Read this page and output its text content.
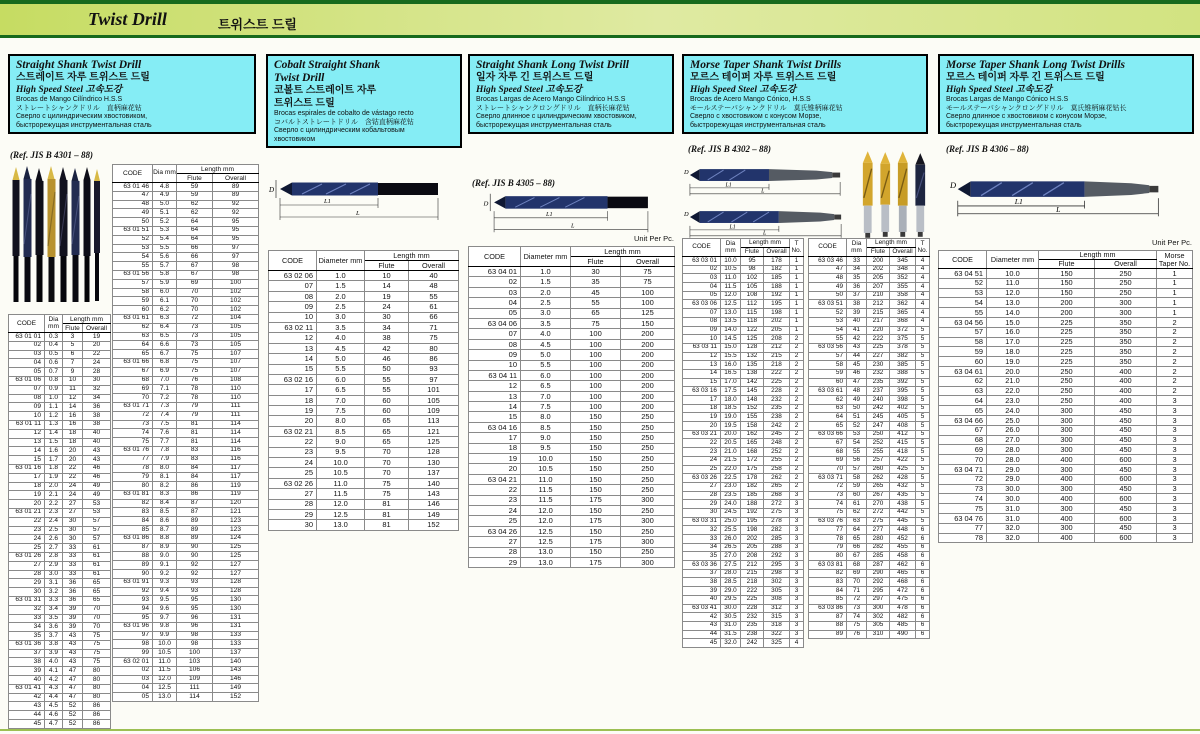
Twist Drill	트위스트 드릴
Straight Shank Twist Drill
스트레이트 자루 트위스트 드릴
High Speed Steel 고속도강
Brocas de Mango Cilíndrico H.S.S
ストレートシャンクドリル　直柄麻花钻
Сверло с цилиндрическим хвостовиком,
быстрорежущая инструментальная сталь
(Ref. JIS B 4301 – 88)
CODE	Dia mm	Length mm	
		Flute	Overall
63 01 01	0.3	3	19
02	0.4	5	20
03	0.5	6	22
04	0.6	7	24
05	0.7	9	28
63 01 06	0.8	10	30
07	0.9	11	32
08	1.0	12	34
09	1.1	14	36
10	1.2	16	38
63 01 11	1.3	16	38
12	1.4	18	40
13	1.5	18	40
14	1.6	20	43
15	1.7	20	43
63 01 16	1.8	22	46
17	1.9	22	46
18	2.0	24	49
19	2.1	24	49
20	2.2	27	53
63 01 21	2.3	27	53
22	2.4	30	57
23	2.5	30	57
24	2.6	30	57
25	2.7	33	61
63 01 26	2.8	33	61
27	2.9	33	61
28	3.0	33	61
29	3.1	36	65
30	3.2	36	65
63 01 31	3.3	36	65
32	3.4	39	70
33	3.5	39	70
34	3.6	39	70
35	3.7	43	75
63 01 36	3.8	43	75
37	3.9	43	75
38	4.0	43	75
39	4.1	47	80
40	4.2	47	80
63 01 41	4.3	47	80
42	4.4	47	80
43	4.5	52	86
44	4.6	52	86
45	4.7	52	86
CODE	Dia mm	Length mm	
		Flute	Overall
63 01 46	4.8	59	89
47	4.9	59	89
48	5.0	62	92
49	5.1	62	92
50	5.2	64	95
63 01 51	5.3	64	95
52	5.4	64	95
53	5.5	66	97
54	5.6	66	97
55	5.7	67	98
63 01 56	5.8	67	98
57	5.9	69	100
58	6.0	70	102
59	6.1	70	102
60	6.2	70	102
63 01 61	6.3	72	104
62	6.4	73	105
63	6.5	73	105
64	6.6	73	105
65	6.7	75	107
63 01 66	6.8	75	107
67	6.9	75	107
68	7.0	76	108
69	7.1	78	110
70	7.2	78	110
63 01 71	7.3	79	111
72	7.4	79	111
73	7.5	81	114
74	7.6	81	114
75	7.7	81	114
63 01 76	7.8	83	116
77	7.9	83	116
78	8.0	84	117
79	8.1	84	117
80	8.2	86	119
63 01 81	8.3	86	119
82	8.4	87	120
83	8.5	87	121
84	8.6	89	123
85	8.7	89	123
63 01 86	8.8	89	124
87	8.9	90	125
88	9.0	90	125
89	9.1	92	127
90	9.2	92	127
63 01 91	9.3	93	128
92	9.4	93	128
93	9.5	95	130
94	9.6	95	130
95	9.7	96	131
63 01 96	9.8	96	131
97	9.9	98	133
98	10.0	98	133
99	10.5	100	137
63 02 01	11.0	103	140
02	11.5	106	143
03	12.0	109	146
04	12.5	111	149
05	13.0	114	152
Cobalt Straight Shank
Twist Drill
코볼트 스트레이트 자루
트위스트 드릴
Brocas espirales de cobalto de vástago recto
コバルトストレートドリル　含钴直柄麻花钻
Сверло с цилиндрическим кобальтовым
хвостовиком
D
L1
L
CODE	Diameter mm	Length mm	
		Flute	Overall
63 02 06	1.0	10	40
07	1.5	14	48
08	2.0	19	55
09	2.5	24	61
10	3.0	30	66
63 02 11	3.5	34	71
12	4.0	38	75
13	4.5	42	80
14	5.0	46	86
15	5.5	50	93
63 02 16	6.0	55	97
17	6.5	55	101
18	7.0	60	105
19	7.5	60	109
20	8.0	65	113
63 02 21	8.5	65	121
22	9.0	65	125
23	9.5	70	128
24	10.0	70	130
25	10.5	70	137
63 02 26	11.0	75	140
27	11.5	75	143
28	12.0	81	146
29	12.5	81	149
30	13.0	81	152
Straight Shank Long Twist Drill
일자 자루 긴 트위스트 드릴
High Speed Steel 고속도강
Brocas Largas de Acero Mango Cilíndrico H.S.S
ストレートシャンクロングドリル　直柄长麻花钻
Сверло длинное с цилиндрическим хвостовиком,
быстрорежущая инструментальная сталь
(Ref. JIS B 4305 – 88)
D
L1
L
Unit Per Pc.
CODE	Diameter mm	Length mm	
		Flute	Overall
63 04 01	1.0	30	75
02	1.5	35	75
03	2.0	45	100
04	2.5	55	100
05	3.0	65	125
63 04 06	3.5	75	150
07	4.0	100	200
08	4.5	100	200
09	5.0	100	200
10	5.5	100	200
63 04 11	6.0	100	200
12	6.5	100	200
13	7.0	100	200
14	7.5	100	200
15	8.0	150	250
63 04 16	8.5	150	250
17	9.0	150	250
18	9.5	150	250
19	10.0	150	250
20	10.5	150	250
63 04 21	11.0	150	250
22	11.5	150	250
23	11.5	175	300
24	12.0	150	250
25	12.0	175	300
63 04 26	12.5	150	250
27	12.5	175	300
28	13.0	150	250
29	13.0	175	300
Morse Taper Shank Twist Drills
모르스 테이퍼 자루 트위스트 드릴
High Speed Steel 고속도강
Brocas de Acero Mango Cónico, H.S.S
モールステーパシャンクドリル　莫氏锥柄麻花钻
Сверло с хвостовиком с конусом Морзе,
быстрорежущая инструментальная сталь
(Ref. JIS B 4302 – 88)
D
L1
L
D
L1
L
CODE	Dia mm	Length mm		T No.
		Flute	Overall	
63 03 01	10.0	95	178	1
02	10.5	98	182	1
03	11.0	102	185	1
04	11.5	105	188	1
05	12.0	108	192	1
63 03 06	12.5	112	195	1
07	13.0	115	198	1
08	13.5	118	202	1
09	14.0	122	205	1
10	14.5	125	208	2
63 03 11	15.0	128	212	2
12	15.5	132	215	2
13	16.0	135	218	2
14	16.5	138	222	2
15	17.0	142	225	2
63 03 16	17.5	145	228	2
17	18.0	148	232	2
18	18.5	152	235	2
19	19.0	155	238	2
20	19.5	158	242	2
63 03 21	20.0	162	245	2
22	20.5	165	248	2
23	21.0	168	252	2
24	21.5	172	255	2
25	22.0	175	258	2
63 03 26	22.5	178	262	2
27	23.0	182	265	2
28	23.5	185	268	3
29	24.0	188	272	3
30	24.5	192	275	3
63 03 31	25.0	195	278	3
32	25.5	198	282	3
33	26.0	202	285	3
34	26.5	205	288	3
35	27.0	208	292	3
63 03 36	27.5	212	295	3
37	28.0	215	298	3
38	28.5	218	302	3
39	29.0	222	305	3
40	29.5	225	308	3
63 03 41	30.0	228	312	3
42	30.5	232	315	3
43	31.0	235	318	3
44	31.5	238	322	3
45	32.0	242	325	4
CODE	Dia mm	Length mm		T No.
		Flute	Overall	
63 03 46	33	200	345	4
47	34	202	348	4
48	35	205	352	4
49	36	207	355	4
50	37	210	358	4
63 03 51	38	212	362	4
52	39	215	365	4
53	40	217	368	4
54	41	220	372	5
55	42	222	375	5
63 03 56	43	225	378	5
57	44	227	382	5
58	45	230	385	5
59	46	232	388	5
60	47	235	392	5
63 03 61	48	237	395	5
62	49	240	398	5
63	50	242	402	5
64	51	245	405	5
65	52	247	408	5
63 03 66	53	250	412	5
67	54	252	415	5
68	55	255	418	5
69	56	257	422	5
70	57	260	425	5
63 03 71	58	262	428	5
72	59	265	432	5
73	60	267	435	5
74	61	270	438	5
75	62	272	442	5
63 03 76	63	275	445	5
77	64	277	448	6
78	65	280	452	6
79	66	282	455	6
80	67	285	458	6
63 03 81	68	287	462	6
82	69	290	465	6
83	70	292	468	6
84	71	295	472	6
85	72	297	475	6
63 03 86	73	300	478	6
87	74	302	482	6
88	75	305	485	6
89	76	310	490	6
Morse Taper Shank Long Twist Drills
모르스 테이퍼 자루 긴 트위스트 드릴
High Speed Steel 고속도강
Brocas Largas de Mango Cónico H.S.S
モールステーパシャンクロングドリル　莫氏锥柄麻花钻长
Сверло длинное с хвостовиком с конусом Морзе,
быстрорежущая инструментальная сталь
(Ref. JIS B 4306 – 88)
D
L1
L
Unit Per Pc.
CODE	Diameter mm	Length mm		Morse Taper No.
		Flute	Overall	
63 04 51	10.0	150	250	1
52	11.0	150	250	1
53	12.0	150	250	1
54	13.0	200	300	1
55	14.0	200	300	1
63 04 56	15.0	225	350	2
57	16.0	225	350	2
58	17.0	225	350	2
59	18.0	225	350	2
60	19.0	225	350	2
63 04 61	20.0	250	400	2
62	21.0	250	400	2
63	22.0	250	400	2
64	23.0	250	400	3
65	24.0	300	450	3
63 04 66	25.0	300	450	3
67	26.0	300	450	3
68	27.0	300	450	3
69	28.0	300	450	3
70	28.0	400	600	3
63 04 71	29.0	300	450	3
72	29.0	400	600	3
73	30.0	300	450	3
74	30.0	400	600	3
75	31.0	300	450	3
63 04 76	31.0	400	600	3
77	32.0	300	450	3
78	32.0	400	600	3
